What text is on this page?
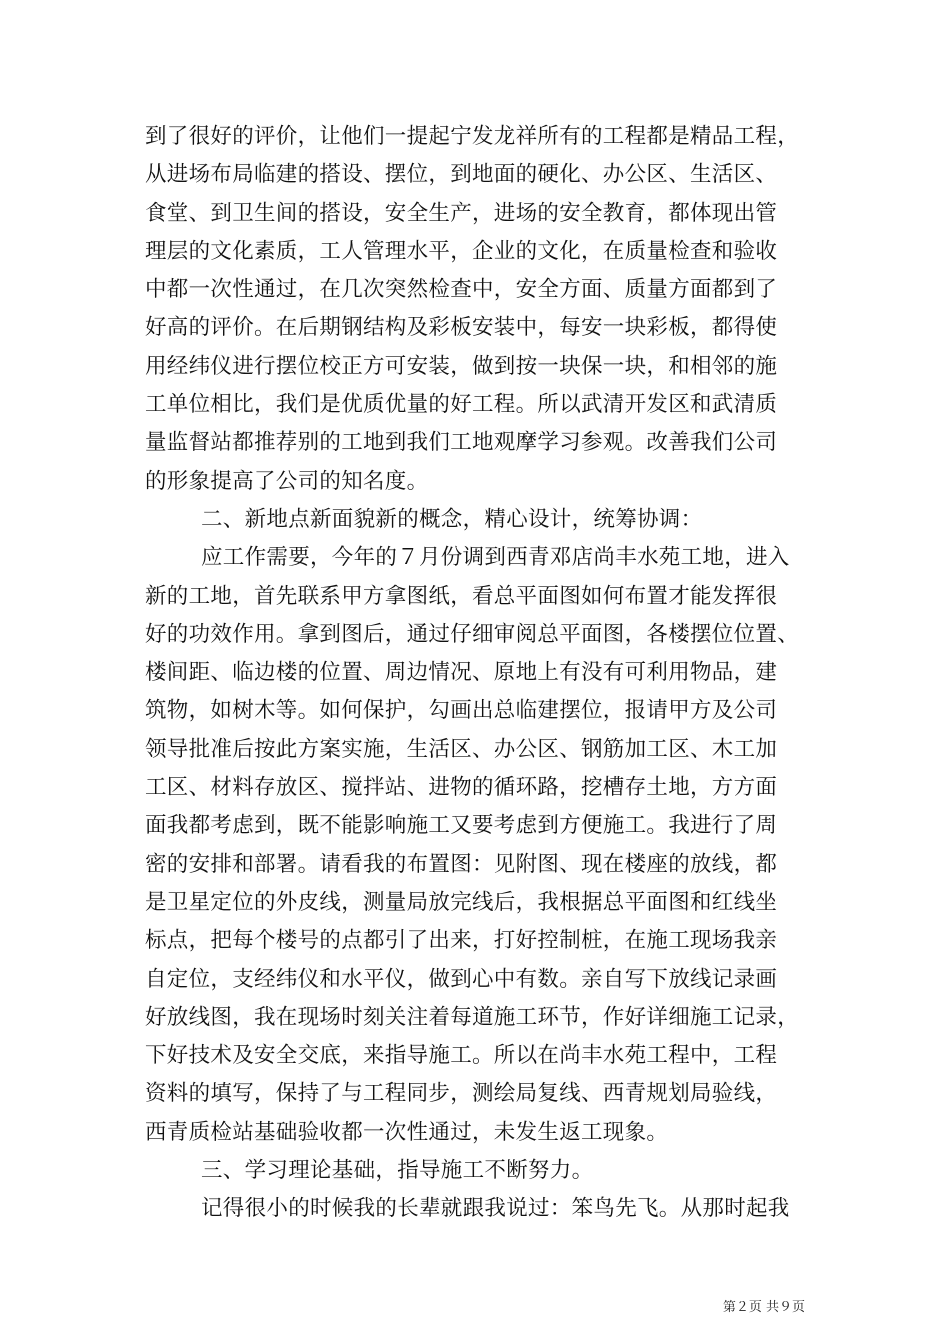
到了很好的评价，让他们一提起宁发龙祥所有的工程都是精品工程，
从进场布局临建的搭设、摆位，到地面的硬化、办公区、生活区、
食堂、到卫生间的搭设，安全生产，进场的安全教育，都体现出管
理层的文化素质，工人管理水平，企业的文化，在质量检查和验收
中都一次性通过，在几次突然检查中，安全方面、质量方面都到了
好高的评价。在后期钢结构及彩板安装中，每安一块彩板，都得使
用经纬仪进行摆位校正方可安装，做到按一块保一块，和相邻的施
工单位相比，我们是优质优量的好工程。所以武清开发区和武清质
量监督站都推荐别的工地到我们工地观摩学习参观。改善我们公司
的形象提高了公司的知名度。
二、新地点新面貌新的概念，精心设计，统筹协调：
应工作需要，今年的７月份调到西青邓店尚丰水苑工地，进入
新的工地，首先联系甲方拿图纸，看总平面图如何布置才能发挥很
好的功效作用。拿到图后，通过仔细审阅总平面图，各楼摆位位置、
楼间距、临边楼的位置、周边情况、原地上有没有可利用物品，建
筑物，如树木等。如何保护，勾画出总临建摆位，报请甲方及公司
领导批准后按此方案实施，生活区、办公区、钢筋加工区、木工加
工区、材料存放区、搅拌站、进物的循环路，挖槽存土地，方方面
面我都考虑到，既不能影响施工又要考虑到方便施工。我进行了周
密的安排和部署。请看我的布置图：见附图、现在楼座的放线，都
是卫星定位的外皮线，测量局放完线后，我根据总平面图和红线坐
标点，把每个楼号的点都引了出来，打好控制桩，在施工现场我亲
自定位，支经纬仪和水平仪，做到心中有数。亲自写下放线记录画
好放线图，我在现场时刻关注着每道施工环节，作好详细施工记录，
下好技术及安全交底，来指导施工。所以在尚丰水苑工程中，工程
资料的填写，保持了与工程同步，测绘局复线、西青规划局验线，
西青质检站基础验收都一次性通过，未发生返工现象。
三、学习理论基础，指导施工不断努力。
记得很小的时候我的长辈就跟我说过：笨鸟先飞。从那时起我
第２页 共９页
